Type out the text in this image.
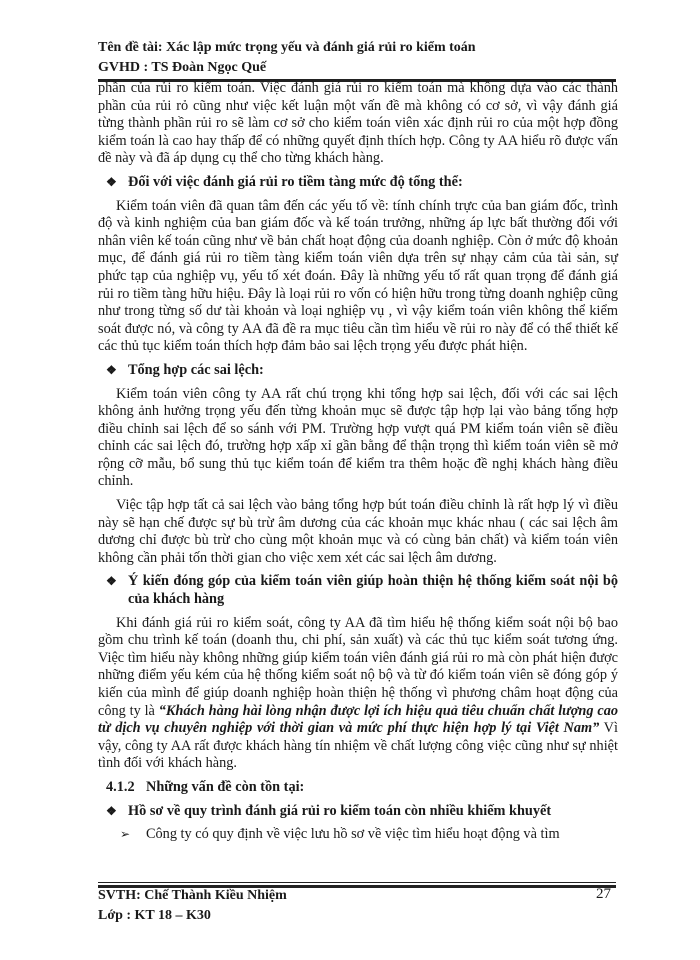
Tên đề tài: Xác lập mức trọng yếu và đánh giá rủi ro kiểm toán
GVHD : TS Đoàn Ngọc Quế

phần của rủi ro kiểm toán. Việc đánh giá rủi ro kiểm toán mà không dựa vào các thành phần của rủi rỏ cũng như việc kết luận một vấn đề mà không có cơ sở, vì vậy đánh giá từng thành phần rủi ro sẽ làm cơ sở cho kiểm toán viên xác định rủi ro của một hợp đồng kiểm toán là cao hay thấp để có những quyết định thích hợp. Công ty AA hiểu rõ được vấn đề này và đã áp dụng cụ thể cho từng khách hàng.

❖ Đối với việc đánh giá rủi ro tiềm tàng mức độ tổng thể:

Kiểm toán viên đã quan tâm đến các yếu tố về: tính chính trực của ban giám đốc, trình độ và kinh nghiệm của ban giám đốc và kế toán trưởng, những áp lực bất thường đối với nhân viên kế toán cũng như về bản chất hoạt động của doanh nghiệp. Còn ở mức độ khoản mục, để đánh giá rủi ro tiềm tàng kiểm toán viên dựa trên sự nhạy cảm của tài sản, sự phức tạp của nghiệp vụ, yếu tố xét đoán. Đây là những yếu tố rất quan trọng để đánh giá rủi ro tiềm tàng hữu hiệu. Đây là loại rủi ro vốn có hiện hữu trong từng doanh nghiệp cũng như trong từng số dư tài khoản và loại nghiệp vụ , vì vậy kiểm toán viên không thể kiểm soát được nó, và công ty AA đã đề ra mục tiêu cần tìm hiểu về rủi ro này để có thể thiết kế các thủ tục kiểm toán thích hợp đảm bảo sai lệch trọng yếu được phát hiện.

❖ Tổng hợp các sai lệch:

Kiểm toán viên công ty AA rất chú trọng khi tổng hợp sai lệch, đối với các sai lệch không ảnh hưởng trọng yếu đến từng khoản mục sẽ được tập hợp lại vào bảng tổng hợp điều chỉnh sai lệch để so sánh với PM. Trường hợp vượt quá PM kiểm toán viên sẽ điều chỉnh các sai lệch đó, trường hợp xấp xỉ gần bằng để thận trọng thì kiểm toán viên sẽ mở rộng cỡ mẫu, bổ sung thủ tục kiểm toán để kiểm tra thêm hoặc đề nghị khách hàng điều chỉnh.

Việc tập hợp tất cả sai lệch vào bảng tổng hợp bút toán điều chỉnh là rất hợp lý vì điều này sẽ hạn chế được sự bù trừ âm dương của các khoản mục khác nhau ( các sai lệch âm dương chỉ được bù trừ cho cùng một khoản mục và có cùng bản chất) và kiểm toán viên không cần phải tốn thời gian cho việc xem xét các sai lệch âm dương.

❖ Ý kiến đóng góp của kiểm toán viên giúp hoàn thiện hệ thống kiểm soát nội bộ của khách hàng

Khi đánh giá rủi ro kiểm soát, công ty AA đã tìm hiểu hệ thống kiểm soát nội bộ bao gồm chu trình kế toán (doanh thu, chi phí, sản xuất) và các thủ tục kiểm soát tương ứng. Việc tìm hiểu này không những giúp kiểm toán viên đánh giá rủi ro mà còn phát hiện được những điểm yếu kém của hệ thống kiểm soát nộ bộ và từ đó kiểm toán viên sẽ đóng góp ý kiến của mình để giúp doanh nghiệp hoàn thiện hệ thống vì phương châm hoạt động của công ty là “Khách hàng hài lòng nhận được lợi ích hiệu quả tiêu chuẩn chất lượng cao từ dịch vụ chuyên nghiệp với thời gian và mức phí thực hiện hợp lý tại Việt Nam” Vì vậy, công ty AA rất được khách hàng tín nhiệm về chất lượng công việc cũng như sự nhiệt tình đối với khách hàng.

4.1.2 Những vấn đề còn tồn tại:
❖ Hồ sơ về quy trình đánh giá rủi ro kiểm toán còn nhiều khiếm khuyết
➢	Công ty có quy định về việc lưu hồ sơ về việc tìm hiểu hoạt động và tìm
SVTH: Chế Thành Kiều Nhiệm
Lớp : KT 18 – K30
27
